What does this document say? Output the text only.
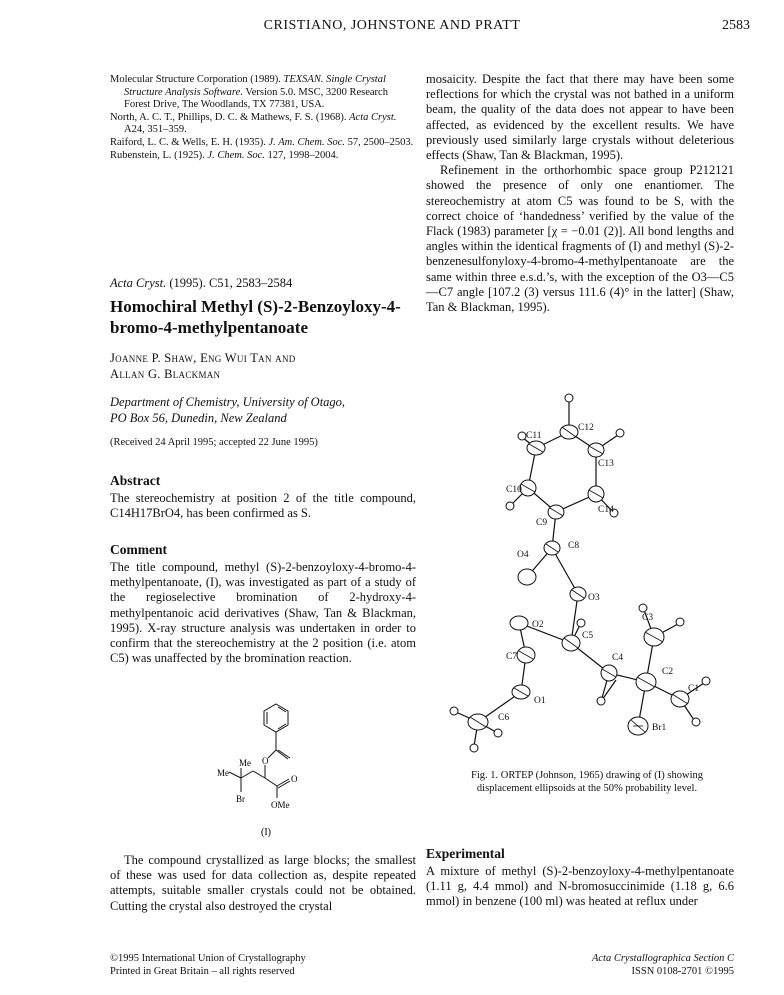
CRISTIANO, JOHNSTONE AND PRATT	2583

Molecular Structure Corporation (1989). TEXSAN. Single Crystal Structure Analysis Software. Version 5.0. MSC, 3200 Research Forest Drive, The Woodlands, TX 77381, USA.

North, A. C. T., Phillips, D. C. & Mathews, F. S. (1968). Acta Cryst. A24, 351–359.

Raiford, L. C. & Wells, E. H. (1935). J. Am. Chem. Soc. 57, 2500–2503.

Rubenstein, L. (1925). J. Chem. Soc. 127, 1998–2004.

Acta Cryst. (1995). C51, 2583–2584
Homochiral Methyl (S)-2-Benzoyloxy-4-bromo-4-methylpentanoate
Joanne P. Shaw, Eng Wui Tan and
Allan G. Blackman
Department of Chemistry, University of Otago,
PO Box 56, Dunedin, New Zealand
(Received 24 April 1995; accepted 22 June 1995)
Abstract

The stereochemistry at position 2 of the title compound, C14H17BrO4, has been confirmed as S.

Comment

The title compound, methyl (S)-2-benzoyloxy-4-bromo-4-methylpentanoate, (I), was investigated as part of a study of the regioselective bromination of 2-hydroxy-4-methylpentanoic acid derivatives (Shaw, Tan & Blackman, 1995). X-ray structure analysis was undertaken in order to confirm that the stereochemistry at the 2 position (i.e. atom C5) was unaffected by the bromination reaction.

Me
Me
Br
O
O
OMe
(I)

The compound crystallized as large blocks; the smallest of these was used for data collection as, despite repeated attempts, suitable smaller crystals could not be obtained. Cutting the crystal also destroyed the crystal

mosaicity. Despite the fact that there may have been some reflections for which the crystal was not bathed in a uniform beam, the quality of the data does not appear to have been affected, as evidenced by the excellent results. We have previously used similarly large crystals without deleterious effects (Shaw, Tan & Blackman, 1995).

Refinement in the orthorhombic space group P212121 showed the presence of only one enantiomer. The stereochemistry at atom C5 was found to be S, with the correct choice of ‘handedness’ verified by the value of the Flack (1983) parameter [χ = −0.01 (2)]. All bond lengths and angles within the identical fragments of (I) and methyl (S)-2-benzenesulfonyloxy-4-bromo-4-methylpentanoate are the same within three e.s.d.’s, with the exception of the O3—C5—C7 angle [107.2 (3) versus 111.6 (4)° in the latter] (Shaw, Tan & Blackman, 1995).

C11
C12
C13
C10
C9
C14
C8
O4
O3
O2
C5
C3
C7	C4
C2
C1
O1
C6
Br1
Fig. 1. ORTEP (Johnson, 1965) drawing of (I) showing displacement ellipsoids at the 50% probability level.
Experimental

A mixture of methyl (S)-2-benzoyloxy-4-methylpentanoate (1.11 g, 4.4 mmol) and N-bromosuccinimide (1.18 g, 6.6 mmol) in benzene (100 ml) was heated at reflux under

©1995 International Union of Crystallography
Printed in Great Britain – all rights reserved
Acta Crystallographica Section C
ISSN 0108-2701 ©1995
